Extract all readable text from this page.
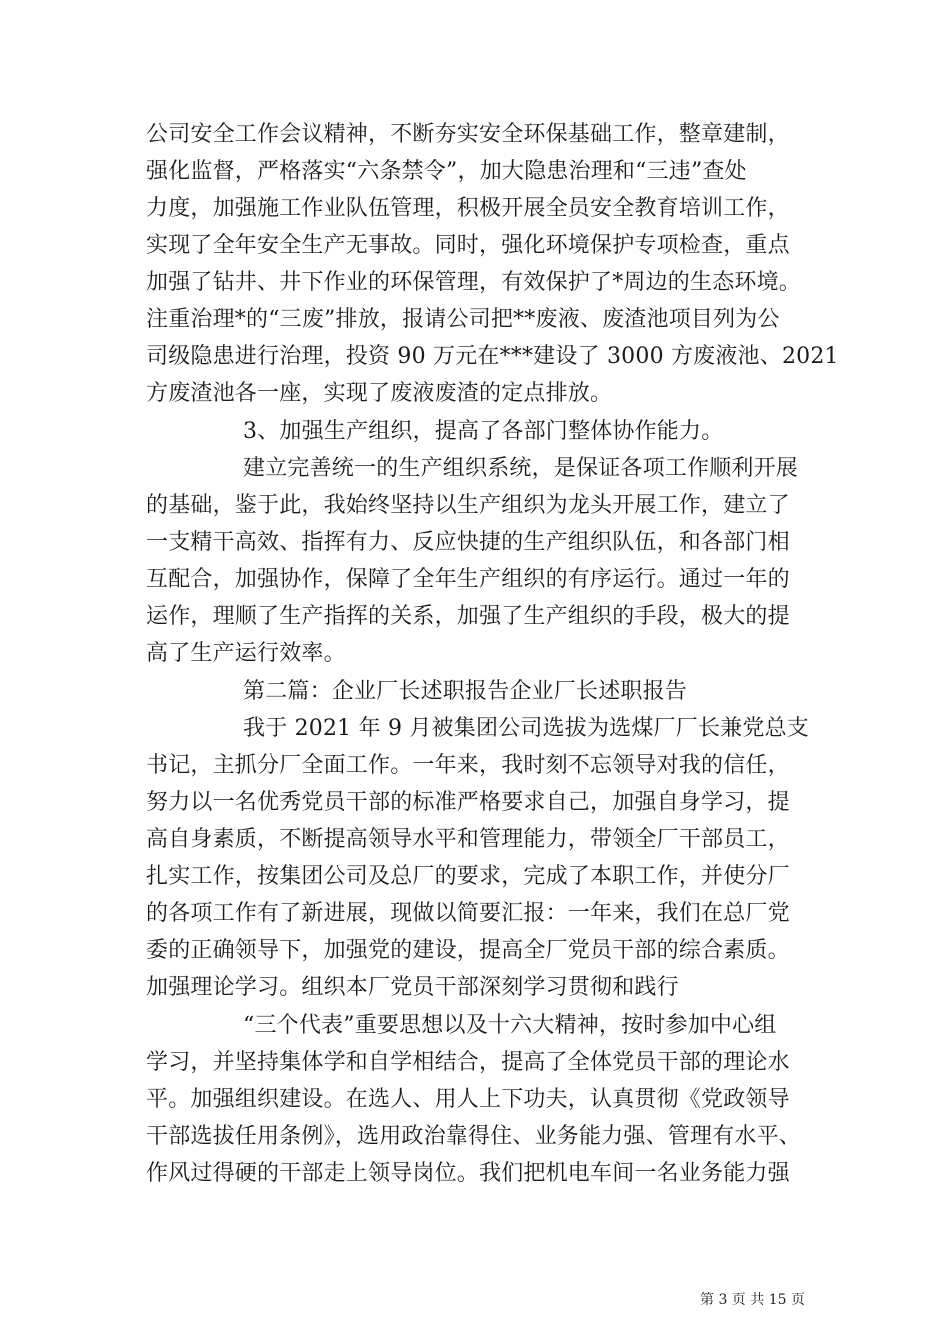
公司安全工作会议精神，不断夯实安全环保基础工作，整章建制，
强化监督，严格落实“六条禁令”，加大隐患治理和“三违”查处
力度，加强施工作业队伍管理，积极开展全员安全教育培训工作，
实现了全年安全生产无事故。同时，强化环境保护专项检查，重点
加强了钻井、井下作业的环保管理，有效保护了*周边的生态环境。
注重治理*的“三废”排放，报请公司把**废液、废渣池项目列为公
司级隐患进行治理，投资 90 万元在***建设了 3000 方废液池、2021
方废渣池各一座，实现了废液废渣的定点排放。
3、加强生产组织，提高了各部门整体协作能力。
建立完善统一的生产组织系统，是保证各项工作顺利开展
的基础，鉴于此，我始终坚持以生产组织为龙头开展工作，建立了
一支精干高效、指挥有力、反应快捷的生产组织队伍，和各部门相
互配合，加强协作，保障了全年生产组织的有序运行。通过一年的
运作，理顺了生产指挥的关系，加强了生产组织的手段，极大的提
高了生产运行效率。
第二篇：企业厂长述职报告企业厂长述职报告
我于 2021 年 9 月被集团公司选拔为选煤厂厂长兼党总支
书记，主抓分厂全面工作。一年来，我时刻不忘领导对我的信任，
努力以一名优秀党员干部的标准严格要求自己，加强自身学习，提
高自身素质，不断提高领导水平和管理能力，带领全厂干部员工，
扎实工作，按集团公司及总厂的要求，完成了本职工作，并使分厂
的各项工作有了新进展，现做以简要汇报：一年来，我们在总厂党
委的正确领导下，加强党的建设，提高全厂党员干部的综合素质。
加强理论学习。组织本厂党员干部深刻学习贯彻和践行
“三个代表”重要思想以及十六大精神，按时参加中心组
学习，并坚持集体学和自学相结合，提高了全体党员干部的理论水
平。加强组织建设。在选人、用人上下功夫，认真贯彻《党政领导
干部选拔任用条例》，选用政治靠得住、业务能力强、管理有水平、
作风过得硬的干部走上领导岗位。我们把机电车间一名业务能力强
第 3 页 共 15 页
